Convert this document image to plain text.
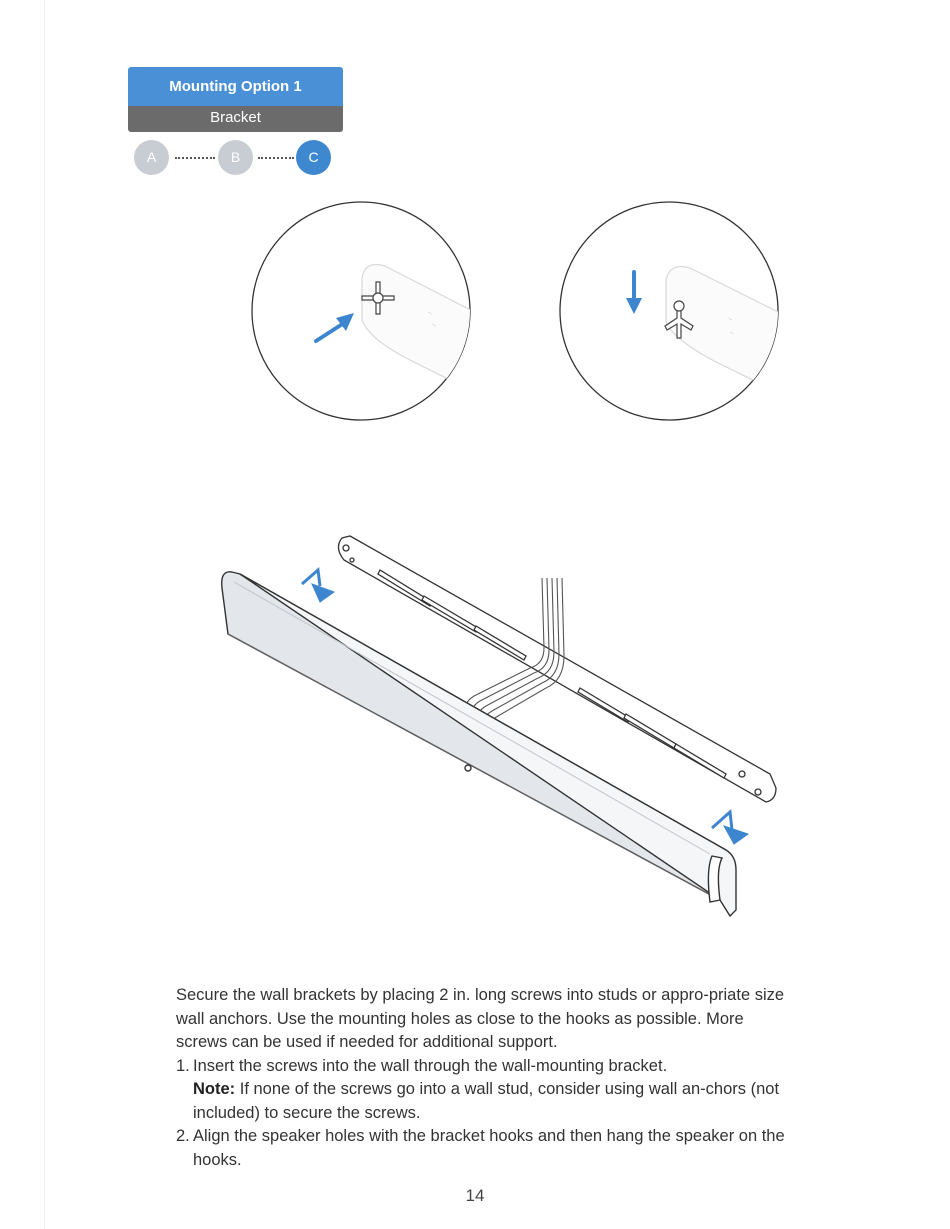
Mounting Option 1
Bracket
A	B	C

Secure the wall brackets by placing 2 in. long screws into studs or appro-priate size wall anchors. Use the mounting holes as close to the hooks as possible. More screws can be used if needed for additional support.

1. Insert the screws into the wall through the wall-mounting bracket.
Note: If none of the screws go into a wall stud, consider using wall an-chors (not included) to secure the screws.
2. Align the speaker holes with the bracket hooks and then hang the speaker on the hooks.
14
